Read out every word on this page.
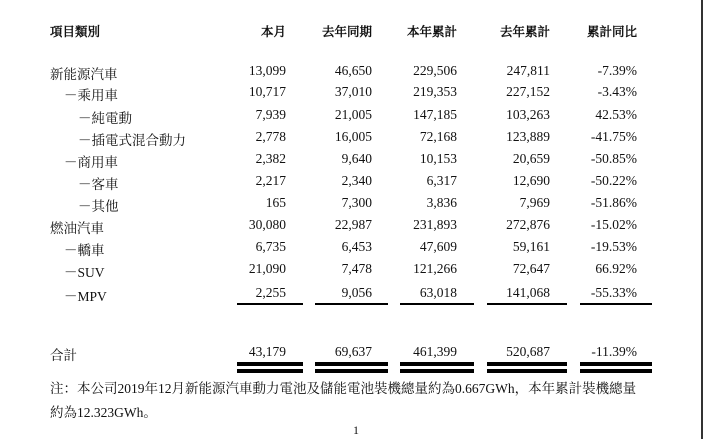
項目類別	本月	去年同期	本年累計	去年累計	累計同比
新能源汽車	13,099	46,650	229,506	247,811	-7.39%
－乘用車	10,717	37,010	219,353	227,152	-3.43%
－純電動	7,939	21,005	147,185	103,263	42.53%
－插電式混合動力	2,778	16,005	72,168	123,889	-41.75%
－商用車	2,382	9,640	10,153	20,659	-50.85%
－客車	2,217	2,340	6,317	12,690	-50.22%
－其他	165	7,300	3,836	7,969	-51.86%
燃油汽車	30,080	22,987	231,893	272,876	-15.02%
－轎車	6,735	6,453	47,609	59,161	-19.53%
－SUV	21,090	7,478	121,266	72,647	66.92%
－MPV	2,255	9,056	63,018	141,068	-55.33%
合計	43,179	69,637	461,399	520,687	-11.39%
注：本公司2019年12月新能源汽車動力電池及儲能電池裝機總量約為0.667GWh，本年累計裝機總量
約為12.323GWh。
1
